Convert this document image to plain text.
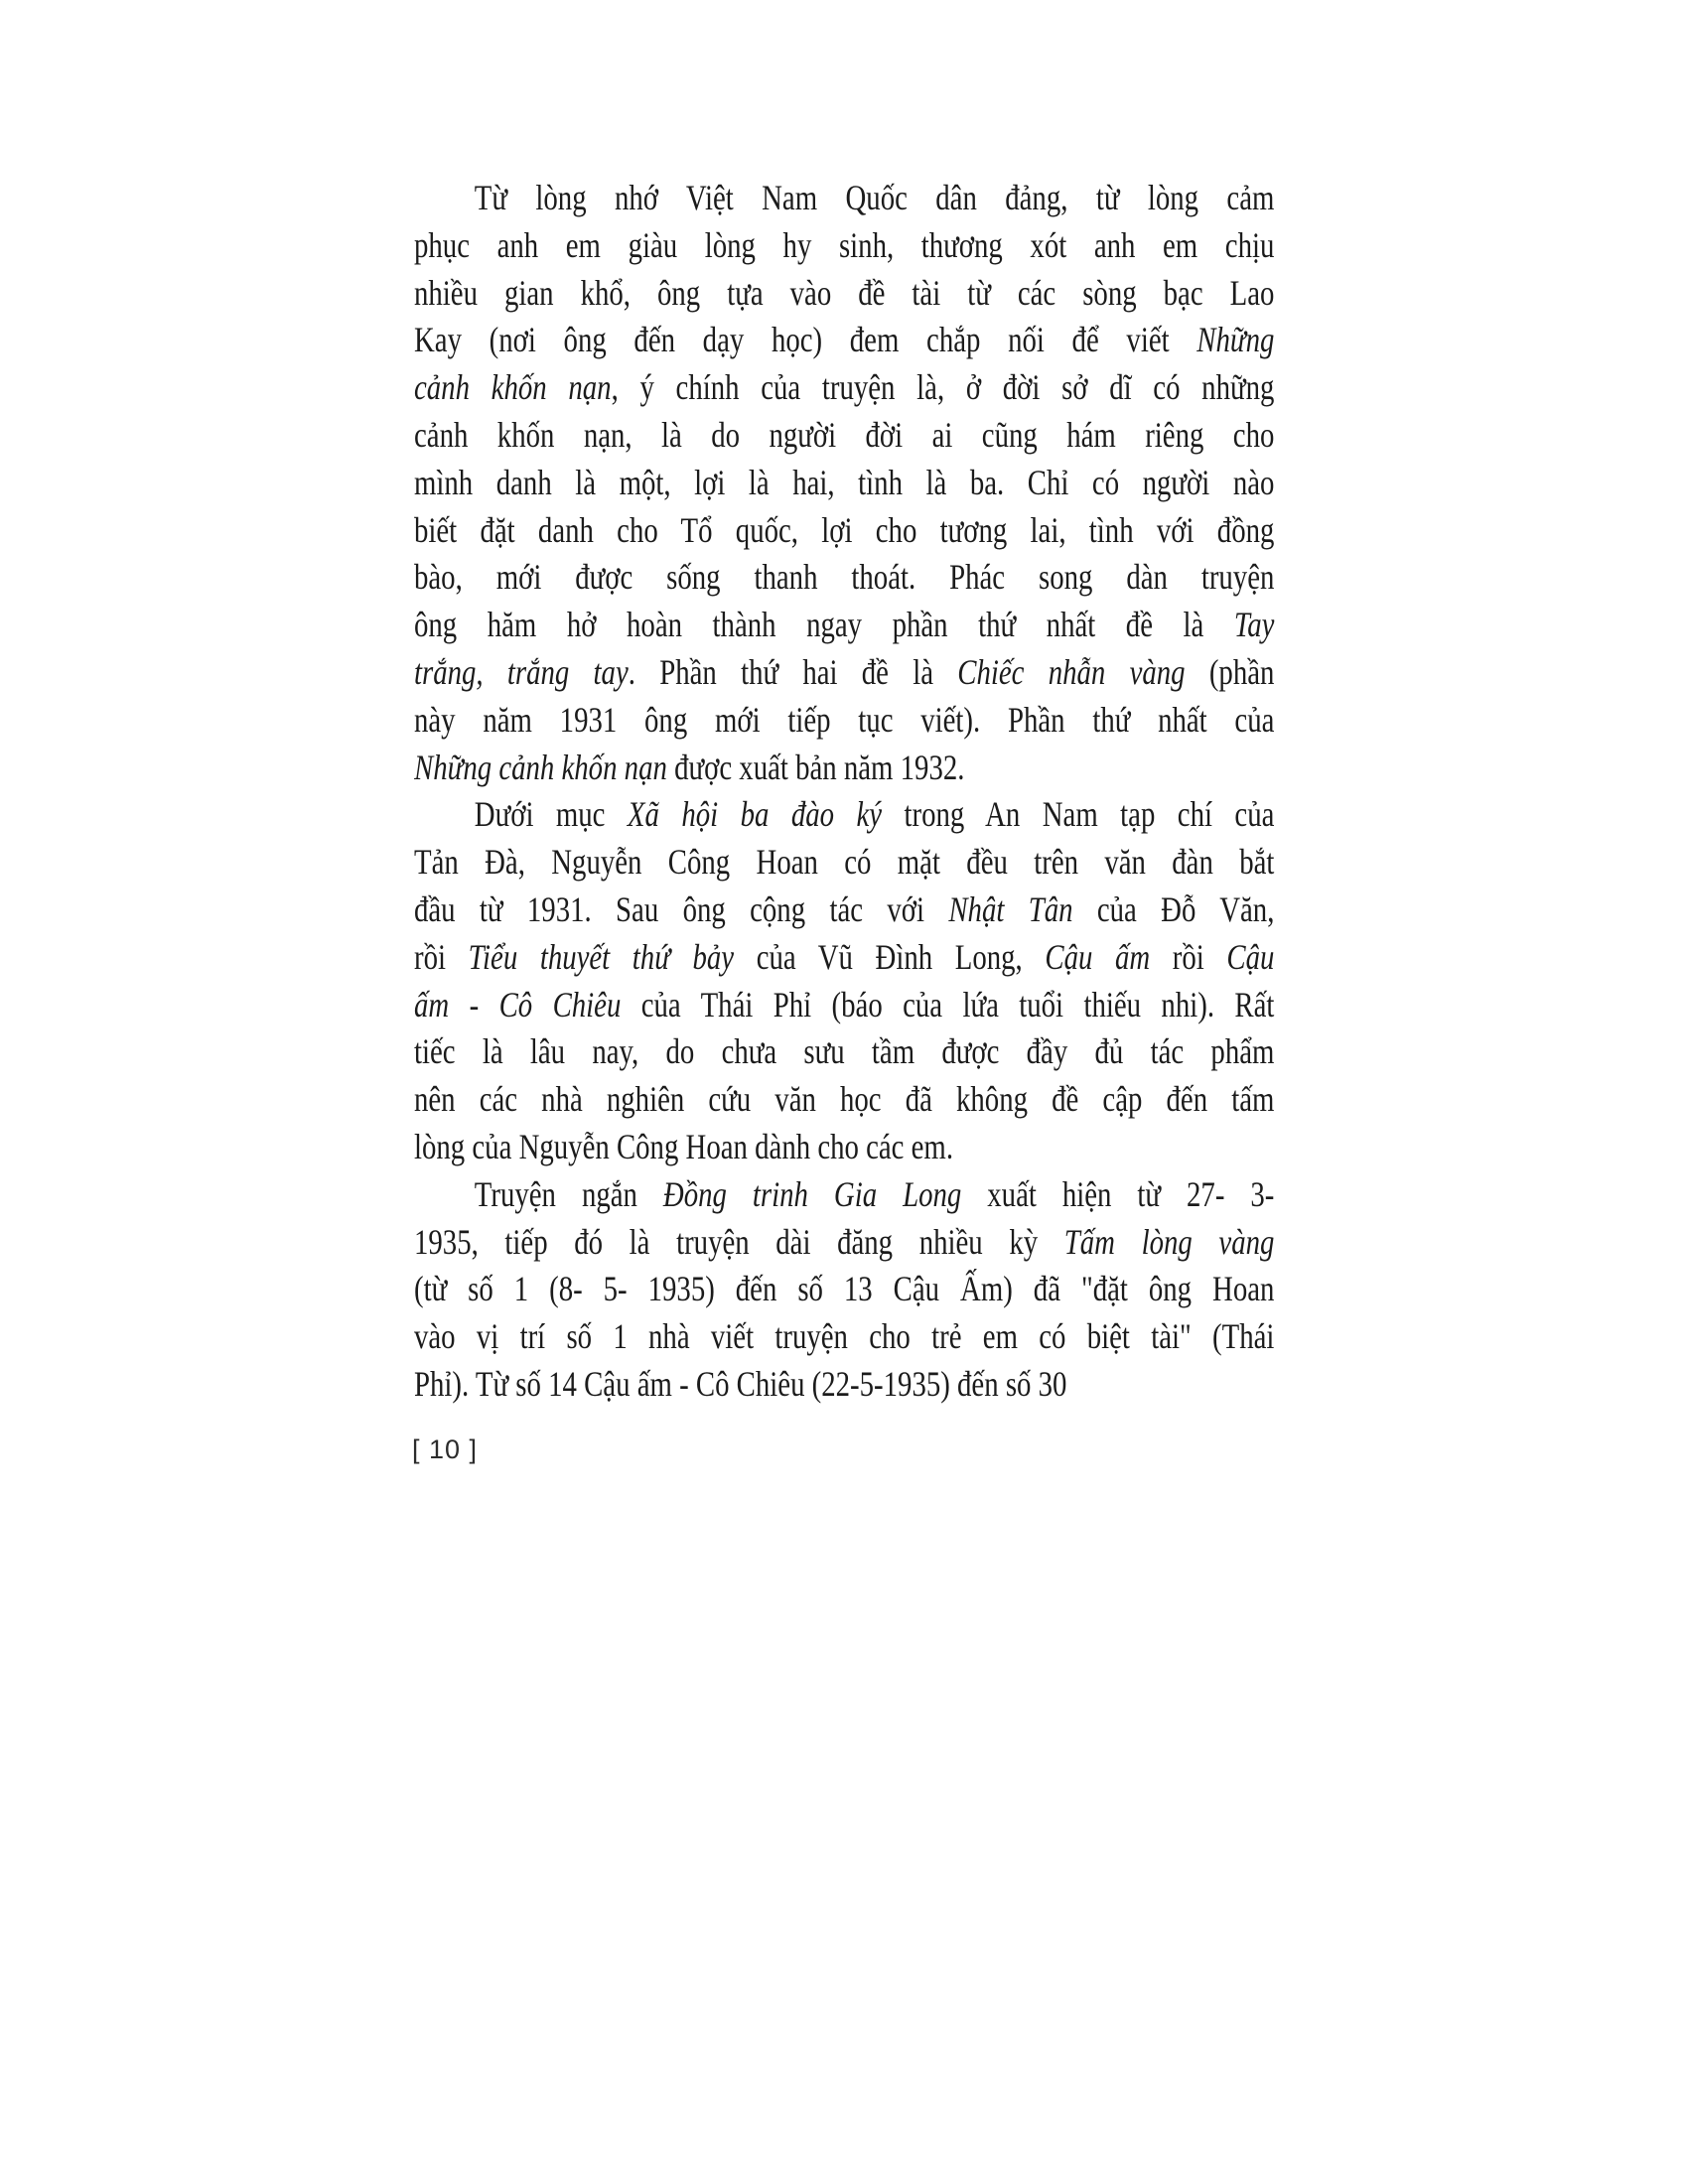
Từ lòng nhớ Việt Nam Quốc dân đảng, từ lòng cảm
phục anh em giàu lòng hy sinh, thương xót anh em chịu
nhiều gian khổ, ông tựa vào đề tài từ các sòng bạc Lao
Kay (nơi ông đến dạy học) đem chắp nối để viết Những
cảnh khốn nạn, ý chính của truyện là, ở đời sở dĩ có những
cảnh khốn nạn, là do người đời ai cũng hám riêng cho
mình danh là một, lợi là hai, tình là ba. Chỉ có người nào
biết đặt danh cho Tổ quốc, lợi cho tương lai, tình với đồng
bào, mới được sống thanh thoát. Phác song dàn truyện
ông hăm hở hoàn thành ngay phần thứ nhất đề là Tay
trắng, trắng tay. Phần thứ hai đề là Chiếc nhẫn vàng (phần
này năm 1931 ông mới tiếp tục viết). Phần thứ nhất của
Những cảnh khốn nạn được xuất bản năm 1932.
Dưới mục Xã hội ba đào ký trong An Nam tạp chí của
Tản Đà, Nguyễn Công Hoan có mặt đều trên văn đàn bắt
đầu từ 1931. Sau ông cộng tác với Nhật Tân của Đỗ Văn,
rồi Tiểu thuyết thứ bảy của Vũ Đình Long, Cậu ấm rồi Cậu
ấm - Cô Chiêu của Thái Phỉ (báo của lứa tuổi thiếu nhi). Rất
tiếc là lâu nay, do chưa sưu tầm được đầy đủ tác phẩm
nên các nhà nghiên cứu văn học đã không đề cập đến tấm
lòng của Nguyễn Công Hoan dành cho các em.
Truyện ngắn Đồng trinh Gia Long xuất hiện từ 27- 3-
1935, tiếp đó là truyện dài đăng nhiều kỳ Tấm lòng vàng
(từ số 1 (8- 5- 1935) đến số 13 Cậu Ấm) đã "đặt ông Hoan
vào vị trí số 1 nhà viết truyện cho trẻ em có biệt tài" (Thái
Phỉ). Từ số 14 Cậu ấm - Cô Chiêu (22-5-1935) đến số 30
[ 10 ]
